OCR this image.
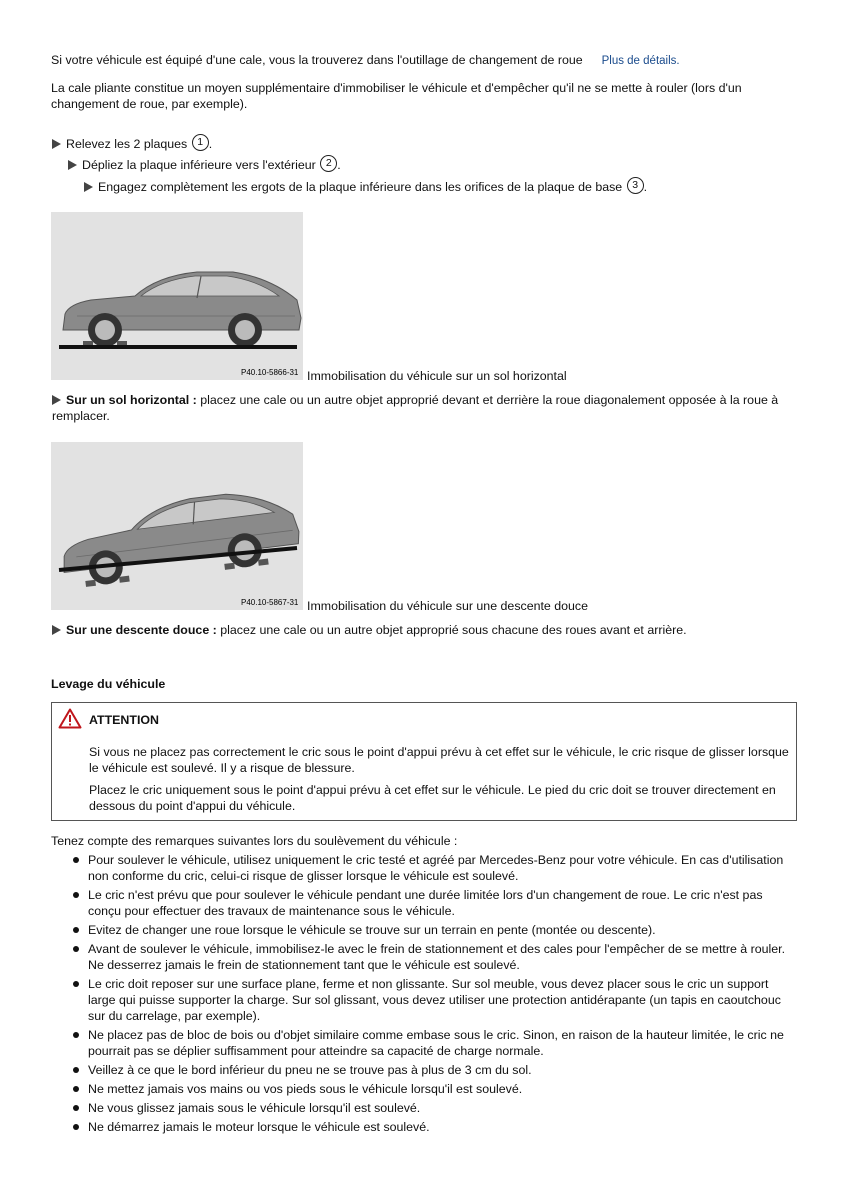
Si votre véhicule est équipé d'une cale, vous la trouverez dans l'outillage de changement de roue Plus de détails.

La cale pliante constitue un moyen supplémentaire d'immobiliser le véhicule et d'empêcher qu'il ne se mette à rouler (lors d'un changement de roue, par exemple).

Relevez les 2 plaques 1 .
Dépliez la plaque inférieure vers l'extérieur 2 .
Engagez complètement les ergots de la plaque inférieure dans les orifices de la plaque de base 3 .
P40.10-5866-31 Immobilisation du véhicule sur un sol horizontal
Sur un sol horizontal : placez une cale ou un autre objet approprié devant et derrière la roue diagonalement opposée à la roue à remplacer.
P40.10-5867-31 Immobilisation du véhicule sur une descente douce
Sur une descente douce : placez une cale ou un autre objet approprié sous chacune des roues avant et arrière.
Levage du véhicule
ATTENTION

Si vous ne placez pas correctement le cric sous le point d'appui prévu à cet effet sur le véhicule, le cric risque de glisser lorsque le véhicule est soulevé. Il y a risque de blessure.

Placez le cric uniquement sous le point d'appui prévu à cet effet sur le véhicule. Le pied du cric doit se trouver directement en dessous du point d'appui du véhicule.

Tenez compte des remarques suivantes lors du soulèvement du véhicule :
Pour soulever le véhicule, utilisez uniquement le cric testé et agréé par Mercedes-Benz pour votre véhicule. En cas d'utilisation non conforme du cric, celui-ci risque de glisser lorsque le véhicule est soulevé.
Le cric n'est prévu que pour soulever le véhicule pendant une durée limitée lors d'un changement de roue. Le cric n'est pas conçu pour effectuer des travaux de maintenance sous le véhicule.
Evitez de changer une roue lorsque le véhicule se trouve sur un terrain en pente (montée ou descente).
Avant de soulever le véhicule, immobilisez-le avec le frein de stationnement et des cales pour l'empêcher de se mettre à rouler. Ne desserrez jamais le frein de stationnement tant que le véhicule est soulevé.
Le cric doit reposer sur une surface plane, ferme et non glissante. Sur sol meuble, vous devez placer sous le cric un support large qui puisse supporter la charge. Sur sol glissant, vous devez utiliser une protection antidérapante (un tapis en caoutchouc sur du carrelage, par exemple).
Ne placez pas de bloc de bois ou d'objet similaire comme embase sous le cric. Sinon, en raison de la hauteur limitée, le cric ne pourrait pas se déplier suffisamment pour atteindre sa capacité de charge normale.
Veillez à ce que le bord inférieur du pneu ne se trouve pas à plus de 3 cm du sol.
Ne mettez jamais vos mains ou vos pieds sous le véhicule lorsqu'il est soulevé.
Ne vous glissez jamais sous le véhicule lorsqu'il est soulevé.
Ne démarrez jamais le moteur lorsque le véhicule est soulevé.
